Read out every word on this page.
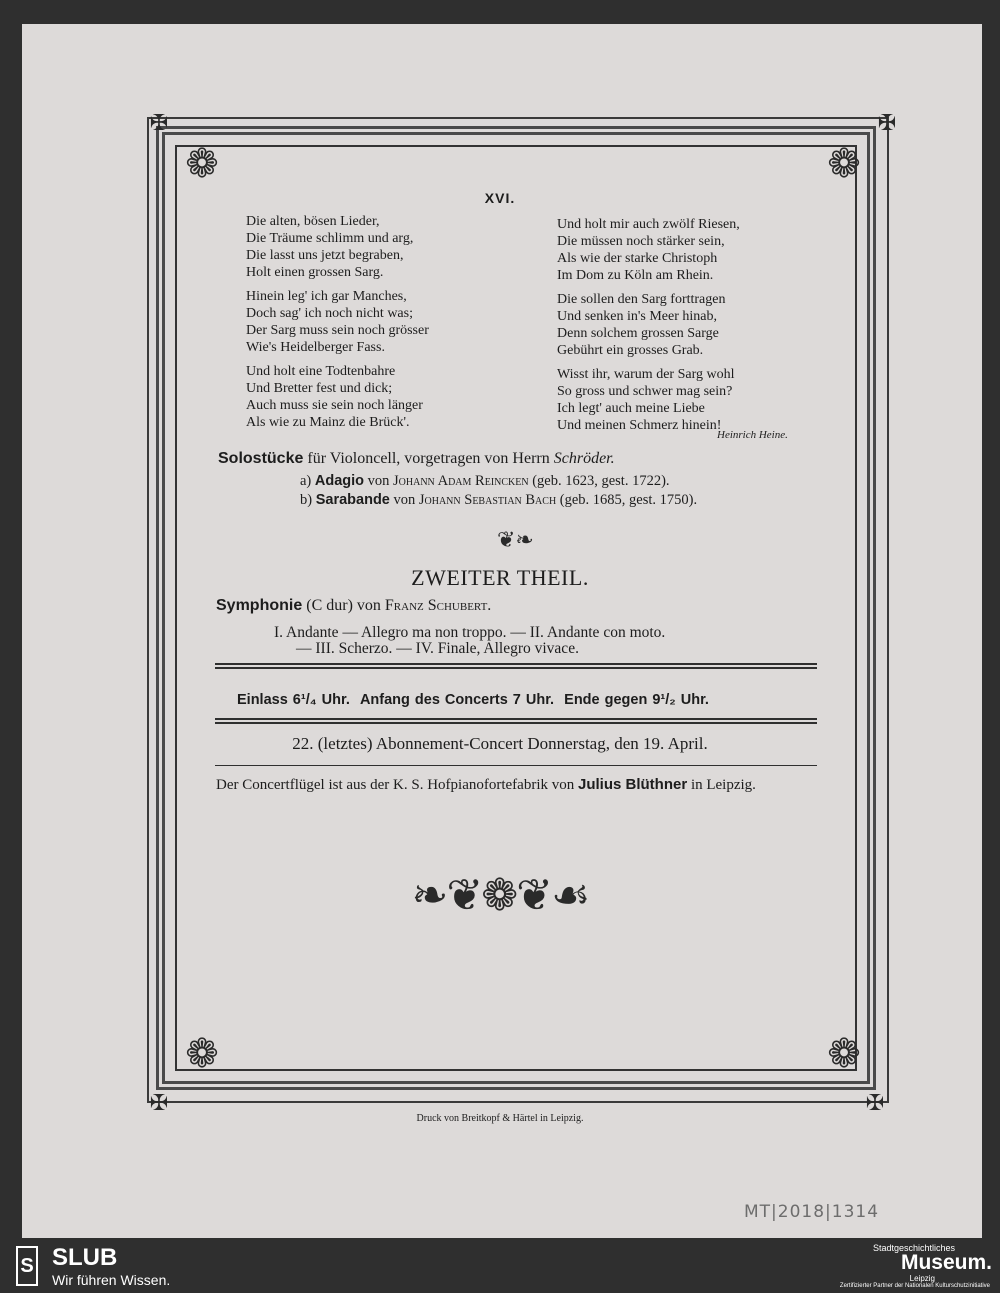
✠	✠
✠	✠
❁	❁
❁	❁
XVI.
Die alten, bösen Lieder,
Die Träume schlimm und arg,
Die lasst uns jetzt begraben,
Holt einen grossen Sarg.
Hinein leg' ich gar Manches,
Doch sag' ich noch nicht was;
Der Sarg muss sein noch grösser
Wie's Heidelberger Fass.
Und holt eine Todtenbahre
Und Bretter fest und dick;
Auch muss sie sein noch länger
Als wie zu Mainz die Brück'.
Und holt mir auch zwölf Riesen,
Die müssen noch stärker sein,
Als wie der starke Christoph
Im Dom zu Köln am Rhein.
Die sollen den Sarg forttragen
Und senken in's Meer hinab,
Denn solchem grossen Sarge
Gebührt ein grosses Grab.
Wisst ihr, warum der Sarg wohl
So gross und schwer mag sein?
Ich legt' auch meine Liebe
Und meinen Schmerz hinein!
Heinrich Heine.
Solostücke für Violoncell, vorgetragen von Herrn Schröder.
a) Adagio von Johann Adam Reincken (geb. 1623, gest. 1722).
b) Sarabande von Johann Sebastian Bach (geb. 1685, gest. 1750).
❦❧
ZWEITER THEIL.
Symphonie (C dur) von Franz Schubert.
I. Andante –– Allegro ma non troppo. — II. Andante con moto.
— III. Scherzo. — IV. Finale, Allegro vivace.
Einlass 6¹/₄ Uhr. Anfang des Concerts 7 Uhr. Ende gegen 9¹/₂ Uhr.
22. (letztes) Abonnement-Concert Donnerstag, den 19. April.
Der Concertflügel ist aus der K. S. Hofpianofortefabrik von Julius Blüthner in Leipzig.
❧❦❁❦☙
Druck von Breitkopf & Härtel in Leipzig.
MT|2018|1314
S SLUB
Wir führen Wissen.
Stadtgeschichtliches
Museum.
Leipzig
Zertifizierter Partner der Nationalen Kulturschutzinitiative
